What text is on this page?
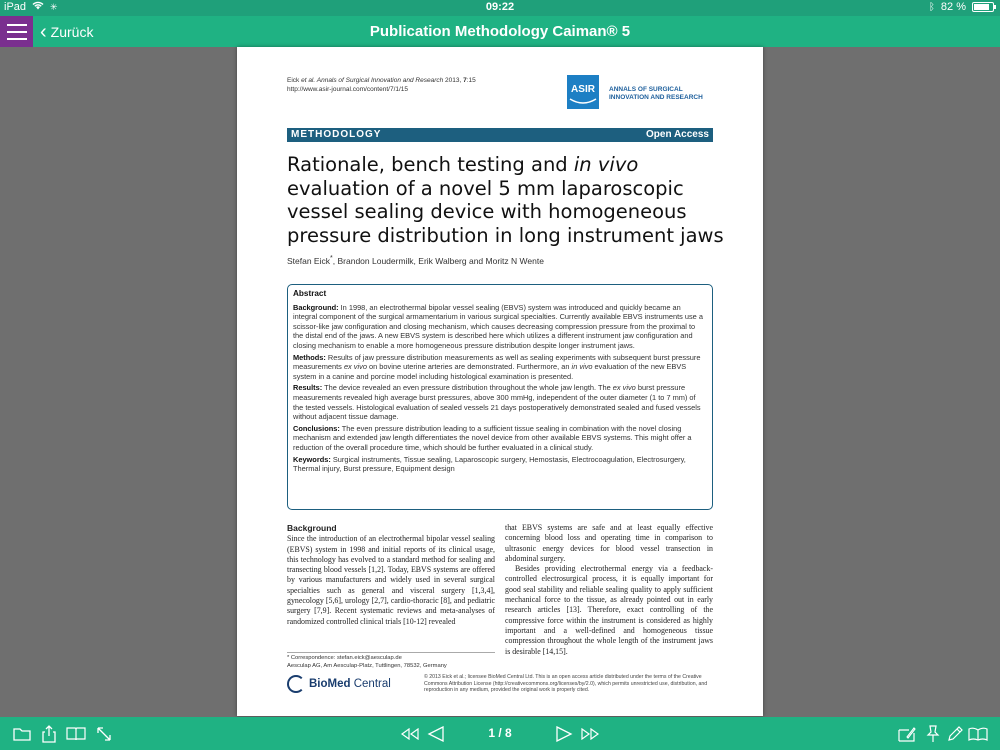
iPad	✳	09:22	ᛒ 82 %
‹ Zurück	Publication Methodology Caiman® 5
Eick et al. Annals of Surgical Innovation and Research 2013, 7:15
http://www.asir-journal.com/content/7/1/15	ASIR ANNALS OF SURGICAL
INNOVATION AND RESEARCH
METHODOLOGY	Open Access
Rationale, bench testing and in vivo evaluation of a novel 5 mm laparoscopic vessel sealing device with homogeneous pressure distribution in long instrument jaws
Stefan Eick*, Brandon Loudermilk, Erik Walberg and Moritz N Wente
Abstract

Background: In 1998, an electrothermal bipolar vessel sealing (EBVS) system was introduced and quickly became an integral component of the surgical armamentarium in various surgical specialties. Currently available EBVS instruments use a scissor-like jaw configuration and closing mechanism, which causes decreasing compression pressure from the proximal to the distal end of the jaws. A new EBVS system is described here which utilizes a different instrument jaw configuration and closing mechanism to enable a more homogeneous pressure distribution despite longer instrument jaws.

Methods: Results of jaw pressure distribution measurements as well as sealing experiments with subsequent burst pressure measurements ex vivo on bovine uterine arteries are demonstrated. Furthermore, an in vivo evaluation of the new EBVS system in a canine and porcine model including histological examination is presented.

Results: The device revealed an even pressure distribution throughout the whole jaw length. The ex vivo burst pressure measurements revealed high average burst pressures, above 300 mmHg, independent of the outer diameter (1 to 7 mm) of the tested vessels. Histological evaluation of sealed vessels 21 days postoperatively demonstrated sealed and fused vessels without adjacent tissue damage.

Conclusions: The even pressure distribution leading to a sufficient tissue sealing in combination with the novel closing mechanism and extended jaw length differentiates the novel device from other available EBVS systems. This might offer a reduction of the overall procedure time, which should be further evaluated in a clinical study.

Keywords: Surgical instruments, Tissue sealing, Laparoscopic surgery, Hemostasis, Electrocoagulation, Electrosurgery, Thermal injury, Burst pressure, Equipment design

Background
Since the introduction of an electrothermal bipolar vessel sealing (EBVS) system in 1998 and initial reports of its clinical usage, this technology has evolved to a standard method for sealing and transecting blood vessels [1,2]. Today, EBVS systems are offered by various manufacturers and widely used in several surgical specialties such as general and visceral surgery [1,3,4], gynecology [5,6], urology [2,7], cardio-thoracic [8], and pediatric surgery [7,9]. Recent systematic reviews and meta-analyses of randomized controlled clinical trials [10-12] revealed
that EBVS systems are safe and at least equally effective concerning blood loss and operating time in comparison to ultrasonic energy devices for blood vessel transection in abdominal surgery.
Besides providing electrothermal energy via a feedback-controlled electrosurgical process, it is equally important for good seal stability and reliable sealing quality to apply sufficient mechanical force to the tissue, as already pointed out in early research articles [13]. Therefore, exact controlling of the compressive force within the instrument is considered as highly important and a well-defined and homogeneous tissue compression throughout the whole length of the instrument jaws is desirable [14,15].
* Correspondence: stefan.eick@aesculap.de
Aesculap AG, Am Aesculap-Platz, Tuttlingen, 78532, Germany
BioMed Central
© 2013 Eick et al.; licensee BioMed Central Ltd. This is an open access article distributed under the terms of the Creative Commons Attribution License (http://creativecommons.org/licenses/by/2.0), which permits unrestricted use, distribution, and reproduction in any medium, provided the original work is properly cited.
1 / 8
